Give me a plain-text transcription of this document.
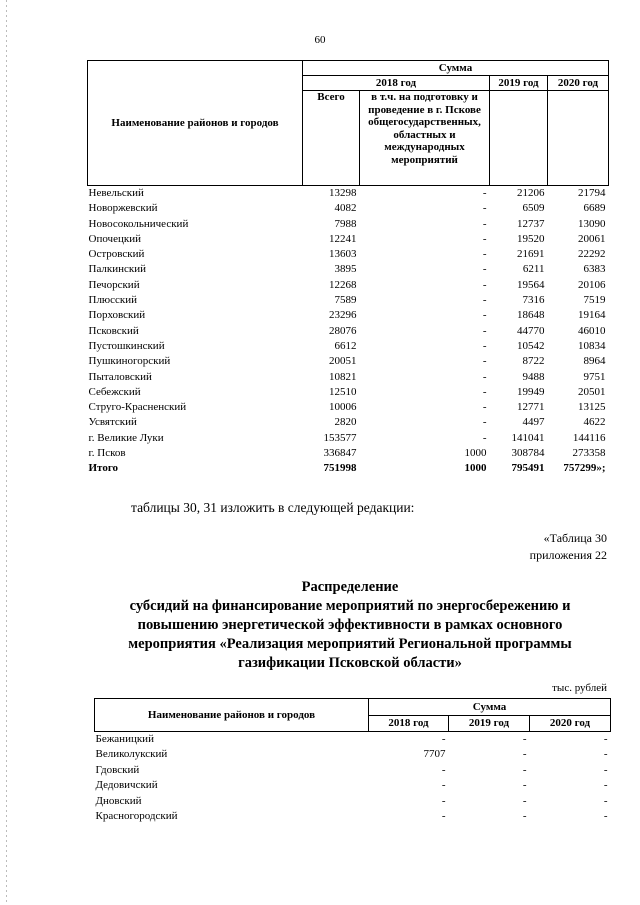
60
Наименование районов и городов	Сумма			
	2018 год		2019 год	2020 год
	Всего	в т.ч. на подготовку и проведение в г. Пскове общегосударственных, областных и международных мероприятий		
Невельский	13298	-	21206	21794
Новоржевский	4082	-	6509	6689
Новосокольнический	7988	-	12737	13090
Опочецкий	12241	-	19520	20061
Островский	13603	-	21691	22292
Палкинский	3895	-	6211	6383
Печорский	12268	-	19564	20106
Плюсский	7589	-	7316	7519
Порховский	23296	-	18648	19164
Псковский	28076	-	44770	46010
Пустошкинский	6612	-	10542	10834
Пушкиногорский	20051	-	8722	8964
Пыталовский	10821	-	9488	9751
Себежский	12510	-	19949	20501
Струго-Красненский	10006	-	12771	13125
Усвятский	2820	-	4497	4622
г. Великие Луки	153577	-	141041	144116
г. Псков	336847	1000	308784	273358
Итого	751998	1000	795491	757299»;
таблицы 30, 31 изложить в следующей редакции:
«Таблица 30
приложения 22
Распределение
субсидий на финансирование мероприятий по энергосбережению и
повышению энергетической эффективности в рамках основного
мероприятия «Реализация мероприятий Региональной программы
газификации Псковской области»
тыс. рублей
Наименование районов и городов	Сумма		
	2018 год	2019 год	2020 год
Бежаницкий	-	-	-
Великолукский	7707	-	-
Гдовский	-	-	-
Дедовичский	-	-	-
Дновский	-	-	-
Красногородский	-	-	-
